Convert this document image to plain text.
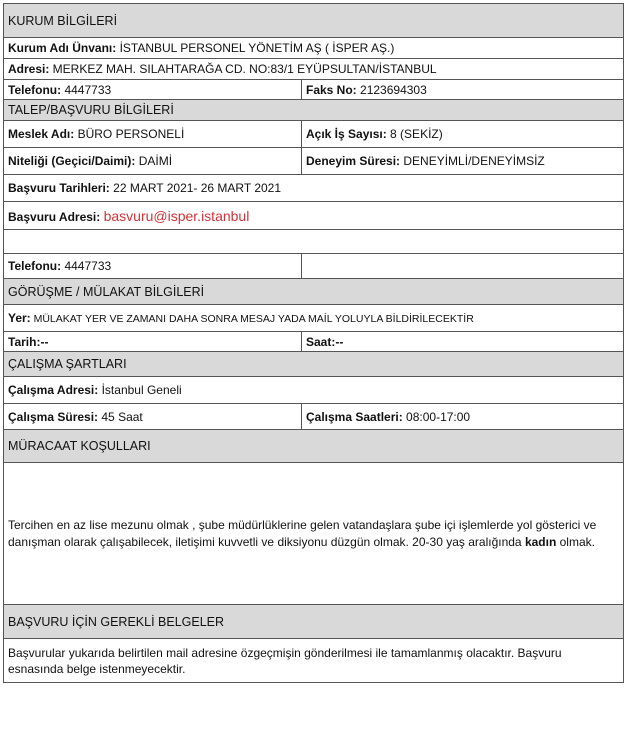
KURUM BİLGİLERİ	
Kurum Adı Ünvanı: İSTANBUL PERSONEL YÖNETİM AŞ ( İSPER AŞ.)	
Adresi: MERKEZ MAH. SILAHTARAĞA CD. NO:83/1 EYÜPSULTAN/İSTANBUL	
Telefonu: 4447733	Faks No: 2123694303
TALEP/BAŞVURU BİLGİLERİ	
Meslek Adı: BÜRO PERSONELİ	Açık İş Sayısı: 8 (SEKİZ)
Niteliği (Geçici/Daimi): DAİMİ	Deneyim Süresi: DENEYİMLİ/DENEYİMSİZ
Başvuru Tarihleri: 22 MART 2021- 26 MART 2021	
Başvuru Adresi: basvuru@isper.istanbul	

Telefonu: 4447733	
GÖRÜŞME / MÜLAKAT BİLGİLERİ	
Yer: MÜLAKAT YER VE ZAMANI DAHA SONRA MESAJ YADA MAİL YOLUYLA BİLDİRİLECEKTİR	
Tarih:--	Saat:--
ÇALIŞMA ŞARTLARI	
Çalışma Adresi: İstanbul Geneli	
Çalışma Süresi: 45 Saat	Çalışma Saatleri: 08:00-17:00
MÜRACAAT KOŞULLARI	
Tercihen en az lise mezunu olmak , şube müdürlüklerine gelen vatandaşlara şube içi işlemlerde yol gösterici ve danışman olarak çalışabilecek, iletişimi kuvvetli ve diksiyonu düzgün olmak. 20-30 yaş aralığında kadın olmak.	
BAŞVURU İÇİN GEREKLİ BELGELER	
Başvurular yukarıda belirtilen mail adresine özgeçmişin gönderilmesi ile tamamlanmış olacaktır. Başvuru esnasında belge istenmeyecektir.	
